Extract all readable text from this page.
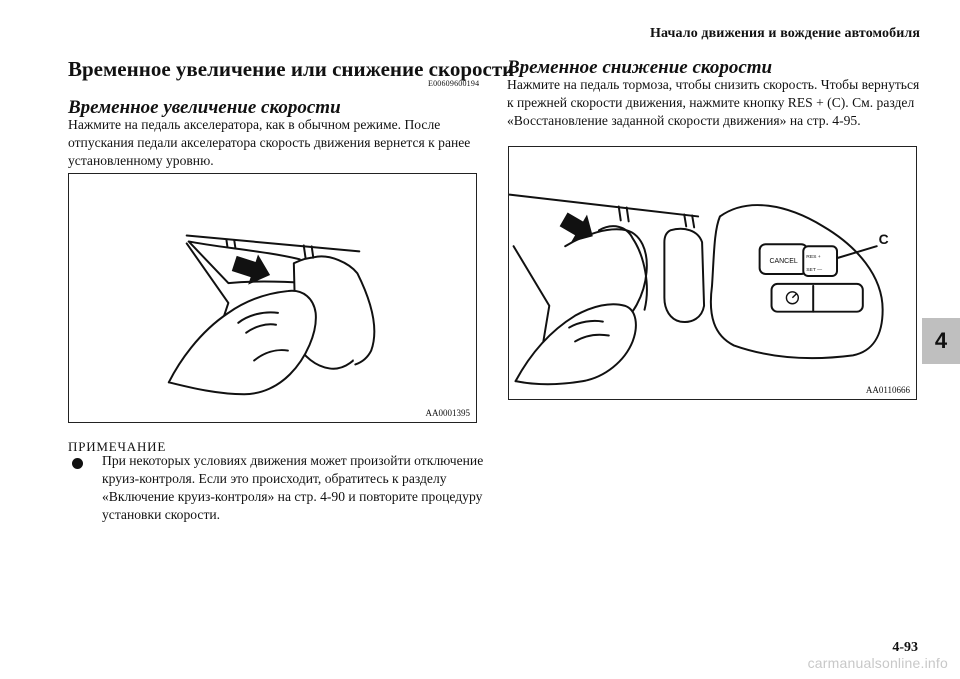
Начало движения и вождение автомобиля
Временное увеличение или снижение скорости
E00609600194
Временное увеличение скорости
Нажмите на педаль акселератора, как в обычном режиме. После отпускания педали акселератора скорость движения вернется к ранее установленному уровню.
AA0001395
ПРИМЕЧАНИЕ
При некоторых условиях движения может произойти отключение круиз-контроля. Если это происходит, обратитесь к разделу «Включение круиз-контроля» на стр. 4-90 и повторите процедуру установки скорости.
Временное снижение скорости
Нажмите на педаль тормоза, чтобы снизить скорость. Чтобы вернуться к прежней скорости движения, нажмите кнопку RES + (C). См. раздел «Восстановление заданной скорости движения» на стр. 4-95.
CANCEL
RES +
SET —
C
AA0110666
4
4-93
carmanualsonline.info
